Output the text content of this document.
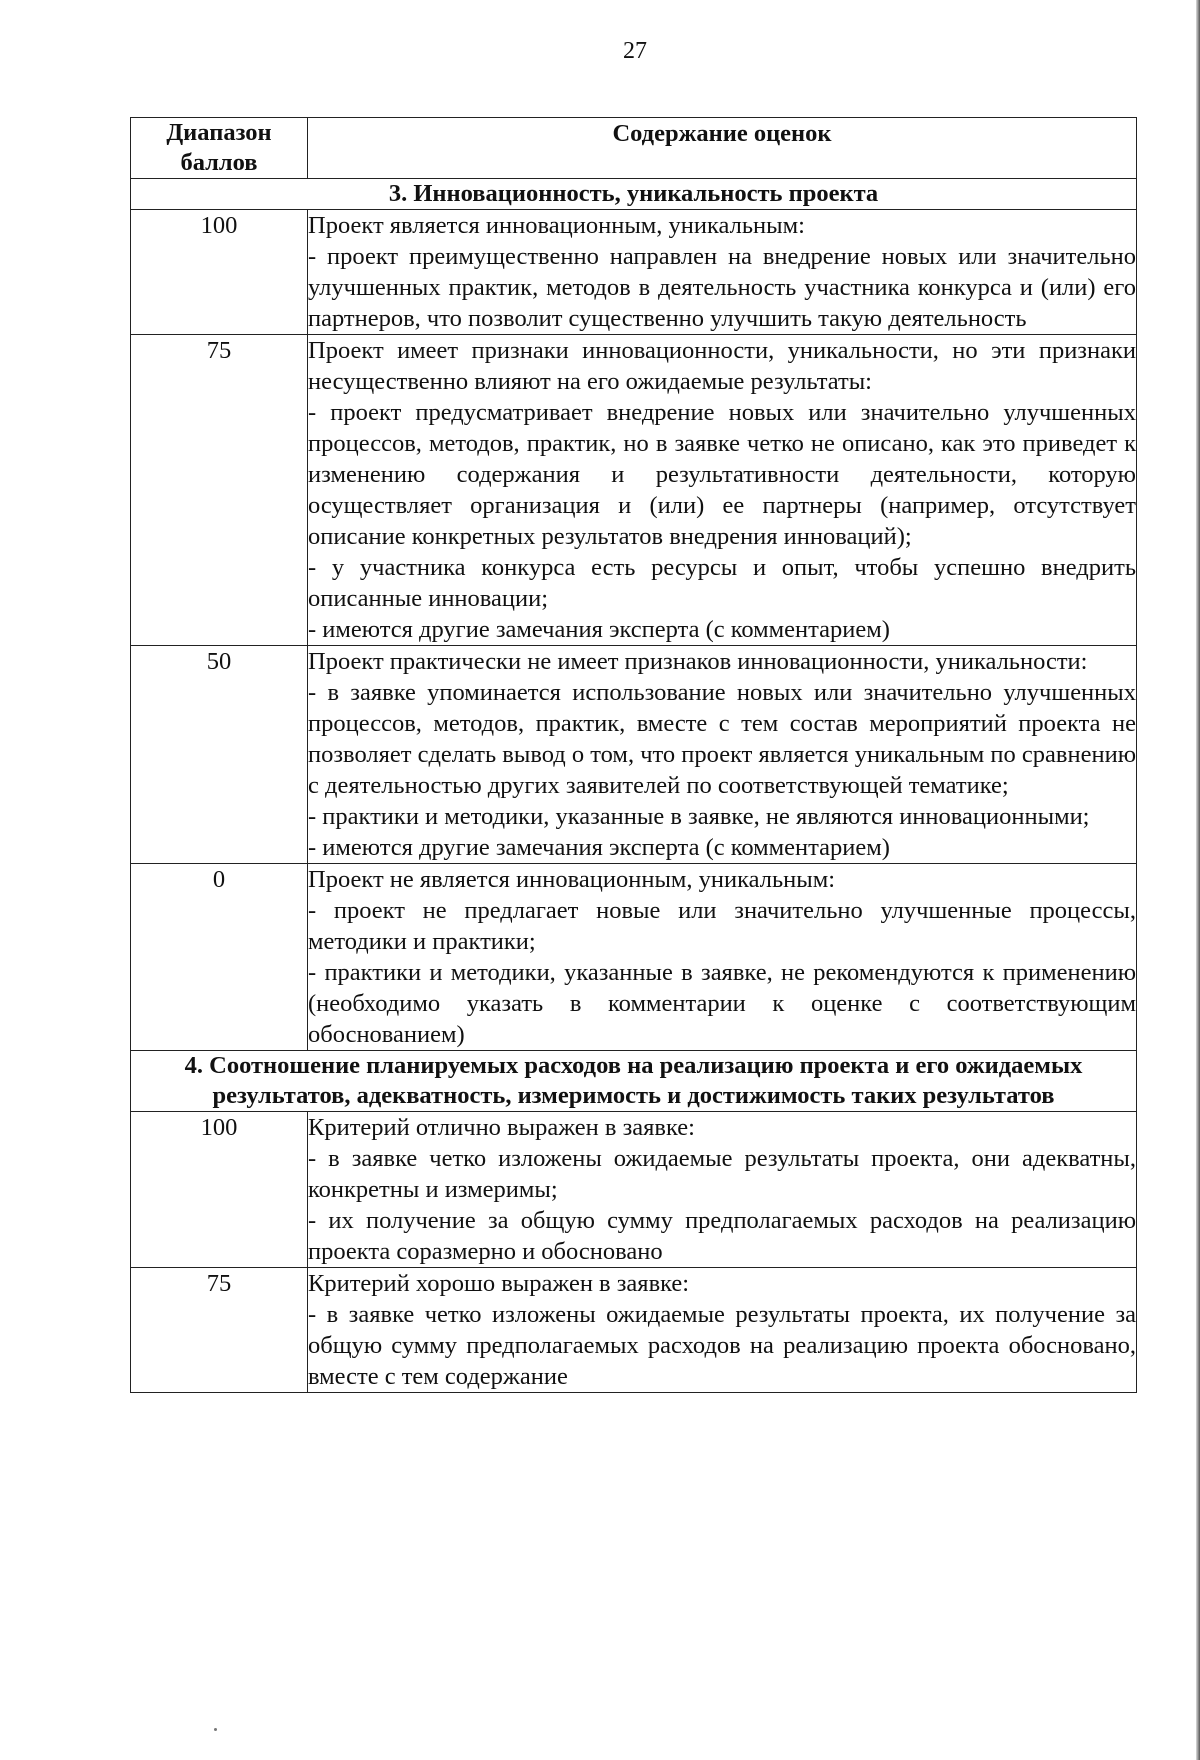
27
Диапазон баллов	Содержание оценок
3. Инновационность, уникальность проекта	
100	Проект является инновационным, уникальным:
- проект преимущественно направлен на внедрение новых или значительно улучшенных практик, методов в деятельность участника конкурса и (или) его партнеров, что позволит существенно улучшить такую деятельность

75	Проект имеет признаки инновационности, уникальности, но эти признаки несущественно влияют на его ожидаемые результаты:
- проект предусматривает внедрение новых или значительно улучшенных процессов, методов, практик, но в заявке четко не описано, как это приведет к изменению содержания и результативности деятельности, которую осуществляет организация и (или) ее партнеры (например, отсутствует описание конкретных результатов внедрения инноваций);
- у участника конкурса есть ресурсы и опыт, чтобы успешно внедрить описанные инновации;
- имеются другие замечания эксперта (с комментарием)

50	Проект практически не имеет признаков инновационности, уникальности:
- в заявке упоминается использование новых или значительно улучшенных процессов, методов, практик, вместе с тем состав мероприятий проекта не позволяет сделать вывод о том, что проект является уникальным по сравнению с деятельностью других заявителей по соответствующей тематике;
- практики и методики, указанные в заявке, не являются инновационными;
- имеются другие замечания эксперта (с комментарием)

0	Проект не является инновационным, уникальным:
- проект не предлагает новые или значительно улучшенные процессы, методики и практики;
- практики и методики, указанные в заявке, не рекомендуются к применению (необходимо указать в комментарии к оценке с соответствующим обоснованием)

4. Соотношение планируемых расходов на реализацию проекта и его ожидаемых результатов, адекватность, измеримость и достижимость таких результатов	
100	Критерий отлично выражен в заявке:
- в заявке четко изложены ожидаемые результаты проекта, они адекватны, конкретны и измеримы;
- их получение за общую сумму предполагаемых расходов на реализацию проекта соразмерно и обосновано

75	Критерий хорошо выражен в заявке:
- в заявке четко изложены ожидаемые результаты проекта, их получение за общую сумму предполагаемых расходов на реализацию проекта обосновано, вместе с тем содержание
